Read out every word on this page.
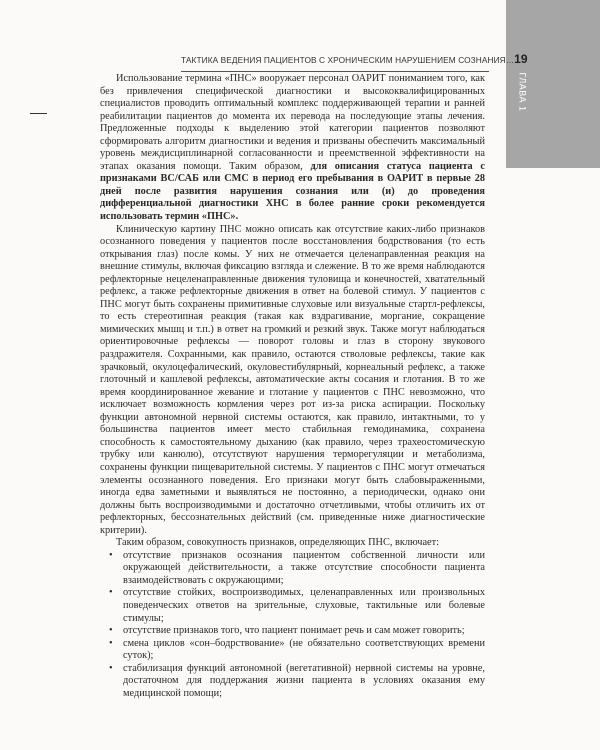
ГЛАВА 1
ТАКТИКА ВЕДЕНИЯ ПАЦИЕНТОВ С ХРОНИЧЕСКИМ НАРУШЕНИЕМ СОЗНАНИЯ… 19

Использование термина «ПНС» вооружает персонал ОАРИТ пониманием того, как без привлечения специфической диагностики и высококвалифицированных специалистов проводить оптимальный комплекс поддерживающей терапии и ранней реабилитации пациентов до момента их перевода на последующие этапы лечения. Предложенные подходы к выделению этой категории пациентов позволяют сформировать алгоритм диагностики и ведения и призваны обеспечить максимальный уровень междисциплинарной согласованности и преемственной эффективности на этапах оказания помощи. Таким образом, для описания статуса пациента с признаками ВС/САБ или СМС в период его пребывания в ОАРИТ в первые 28 дней после развития нарушения сознания или (и) до проведения дифференциальной диагностики ХНС в более ранние сроки рекомендуется использовать термин «ПНС».

Клиническую картину ПНС можно описать как отсутствие каких-либо признаков осознанного поведения у пациентов после восстановления бодрствования (то есть открывания глаз) после комы. У них не отмечается целенаправленная реакция на внешние стимулы, включая фиксацию взгляда и слежение. В то же время наблюдаются рефлекторные нецеленаправленные движения туловища и конечностей, хватательный рефлекс, а также рефлекторные движения в ответ на болевой стимул. У пациентов с ПНС могут быть сохранены примитивные слуховые или визуальные стартл-рефлексы, то есть стереотипная реакция (такая как вздрагивание, моргание, сокращение мимических мышц и т.п.) в ответ на громкий и резкий звук. Также могут наблюдаться ориентировочные рефлексы — поворот головы и глаз в сторону звукового раздражителя. Сохранными, как правило, остаются стволовые рефлексы, такие как зрачковый, окулоцефалический, окуловестибулярный, корнеальный рефлекс, а также глоточный и кашлевой рефлексы, автоматические акты сосания и глотания. В то же время координированное жевание и глотание у пациентов с ПНС невозможно, что исключает возможность кормления через рот из-за риска аспирации. Поскольку функции автономной нервной системы остаются, как правило, интактными, то у большинства пациентов имеет место стабильная гемодинамика, сохранена способность к самостоятельному дыханию (как правило, через трахеостомическую трубку или канюлю), отсутствуют нарушения терморегуляции и метаболизма, сохранены функции пищеварительной системы. У пациентов с ПНС могут отмечаться элементы осознанного поведения. Его признаки могут быть слабовыраженными, иногда едва заметными и выявляться не постоянно, а периодически, однако они должны быть воспроизводимыми и достаточно отчетливыми, чтобы отличить их от рефлекторных, бессознательных действий (см. приведенные ниже диагностические критерии).

Таким образом, совокупность признаков, определяющих ПНС, включает:

• отсутствие признаков осознания пациентом собственной личности или окружающей действительности, а также отсутствие способности пациента взаимодействовать с окружающими;
• отсутствие стойких, воспроизводимых, целенаправленных или произвольных поведенческих ответов на зрительные, слуховые, тактильные или болевые стимулы;
• отсутствие признаков того, что пациент понимает речь и сам может говорить;
• смена циклов «сон–бодрствование» (не обязательно соответствующих времени суток);
• стабилизация функций автономной (вегетативной) нервной системы на уровне, достаточном для поддержания жизни пациента в условиях оказания ему медицинской помощи;
